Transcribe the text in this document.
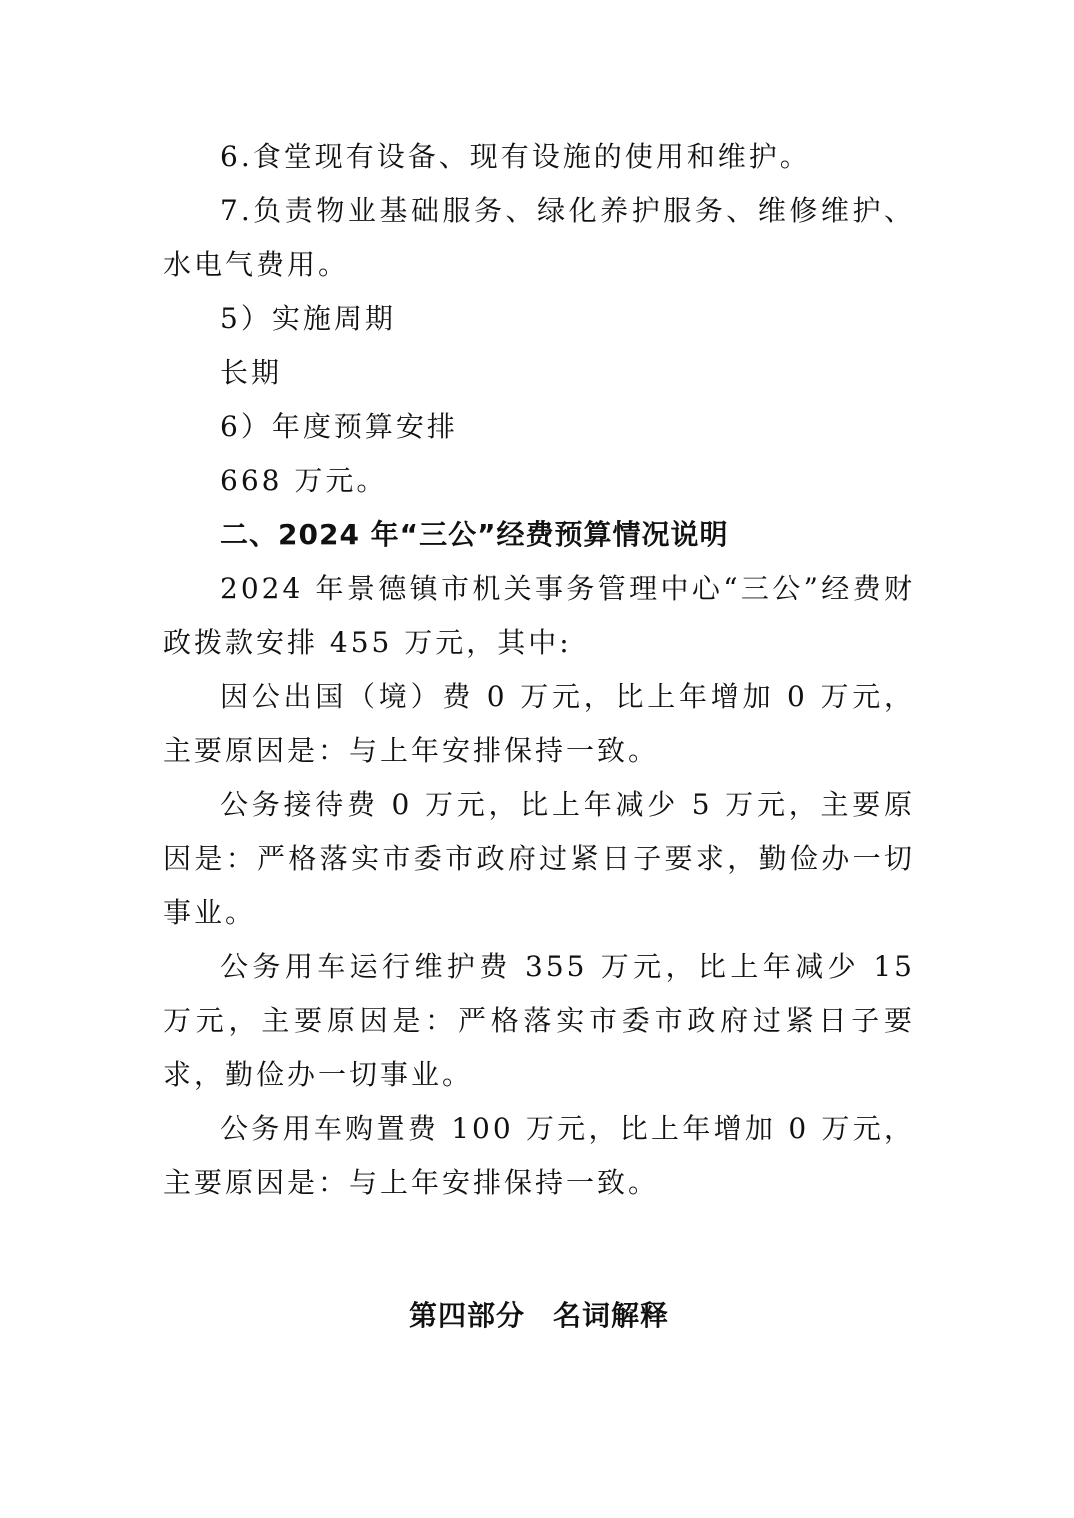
6.食堂现有设备、现有设施的使用和维护。

7.负责物业基础服务、绿化养护服务、维修维护、水电气费用。

5）实施周期

长期

6）年度预算安排

668 万元。

二、2024 年“三公”经费预算情况说明

2024 年景德镇市机关事务管理中心“三公”经费财政拨款安排 455 万元，其中:

因公出国（境）费 0 万元，比上年增加 0 万元，主要原因是：与上年安排保持一致。

公务接待费 0 万元，比上年减少 5 万元，主要原因是：严格落实市委市政府过紧日子要求，勤俭办一切事业。

公务用车运行维护费 355 万元，比上年减少 15 万元，主要原因是：严格落实市委市政府过紧日子要求，勤俭办一切事业。

公务用车购置费 100 万元，比上年增加 0 万元，主要原因是：与上年安排保持一致。

第四部分 名词解释
